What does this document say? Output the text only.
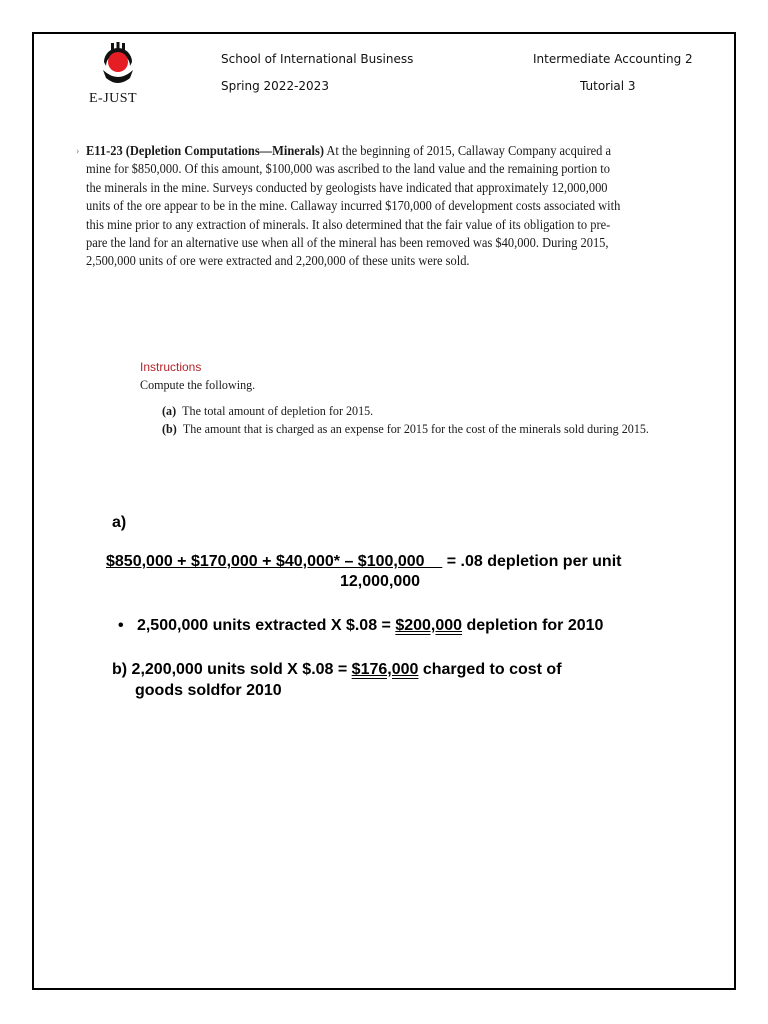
E-JUST
School of International Business
Spring 2022-2023
Intermediate Accounting 2
Tutorial 3
› E11-23 (Depletion Computations—Minerals) At the beginning of 2015, Callaway Company acquired a
mine for $850,000. Of this amount, $100,000 was ascribed to the land value and the remaining portion to
the minerals in the mine. Surveys conducted by geologists have indicated that approximately 12,000,000
units of the ore appear to be in the mine. Callaway incurred $170,000 of development costs associated with
this mine prior to any extraction of minerals. It also determined that the fair value of its obligation to pre-
pare the land for an alternative use when all of the mineral has been removed was $40,000. During 2015,
2,500,000 units of ore were extracted and 2,200,000 of these units were sold.
Instructions
Compute the following.
(a) The total amount of depletion for 2015.
(b) The amount that is charged as an expense for 2015 for the cost of the minerals sold during 2015.
a)
$850,000 + $170,000 + $40,000* – $100,000 = .08 depletion per unit
12,000,000
• 2,500,000 units extracted X $.08 = $200,000 depletion for 2010
b) 2,200,000 units sold X $.08 = $176,000 charged to cost of
goods soldfor 2010
